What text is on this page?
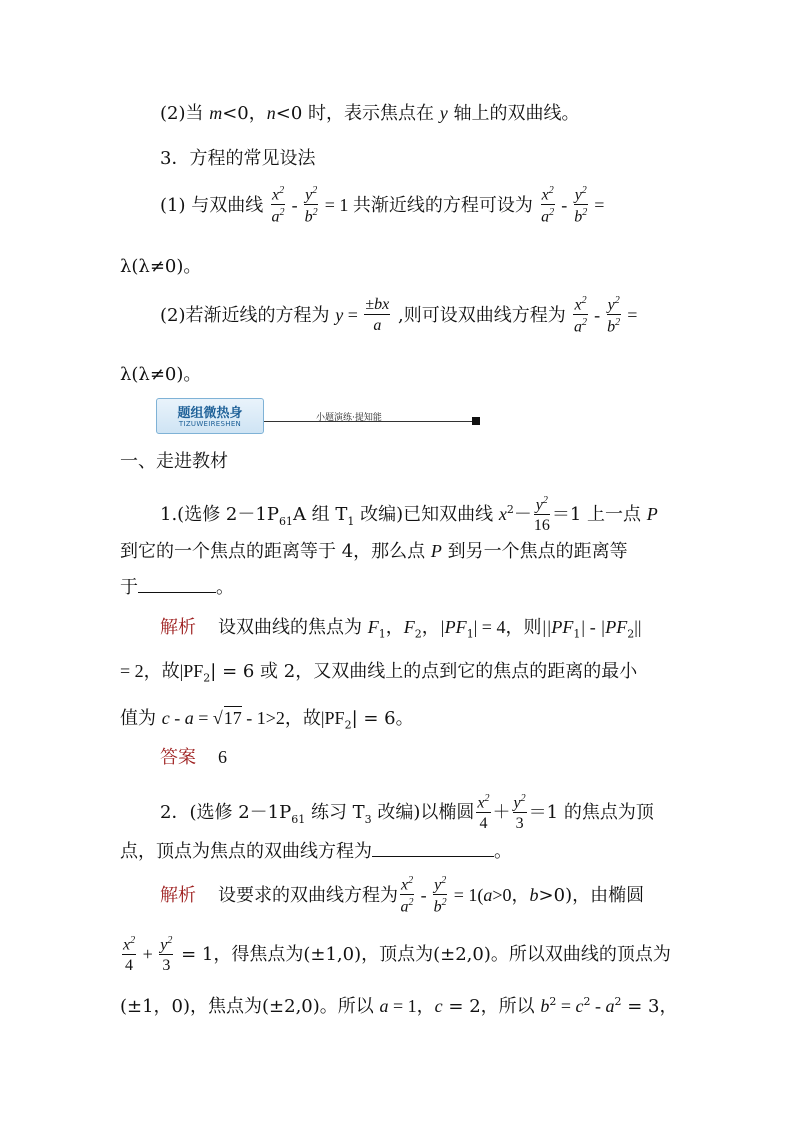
(2)当 m<0，n<0 时，表示焦点在 y 轴上的双曲线。
3．方程的常见设法
(1) 与双曲线 $\frac{x^2}{a^2} - \frac{y^2}{b^2} = 1$ 共渐近线的方程可设为 $\frac{x^2}{a^2} - \frac{y^2}{b^2}$ =
λ(λ≠0)。
(2)若渐近线的方程为 $y = \frac{\pm bx}{a}$ ,则可设双曲线方程为 $\frac{x^2}{a^2} - \frac{y^2}{b^2}$ =
λ(λ≠0)。
题组微热身
TIZUWEIRESHEN
小题演练·提知能
一、走进教材
1.(选修 $2-1P_{61}A$ 组 $T_1$ 改编)已知双曲线 $x^2- \frac{y^2}{16} =1$ 上一点 P
到它的一个焦点的距离等于 4，那么点 P 到另一个焦点的距离等
于	。
解析 设双曲线的焦点为 $F_1$，$F_2$，$|PF_1| = 4$，则$||PF_1| - |PF_2||$
= 2，故$|PF_2| = 6$ 或 2，又双曲线上的点到它的焦点的距离的最小
值为 c - a = √17 - 1>2，故$|PF_2| = 6$。
答案 6
2．(选修 $2-1P_{61}$ 练习 $T_3$ 改编)以椭圆 $\frac{x^2}{4} + \frac{y^2}{3} =1$ 的焦点为顶
点，顶点为焦点的双曲线方程为	。
解析 设要求的双曲线方程为 $\frac{x^2}{a^2} - \frac{y^2}{b^2} = 1(a>0$，b>0)，由椭圆
$\frac{x^2}{4} + \frac{y^2}{3} = 1$，得焦点为(±1,0)，顶点为(±2,0)。所以双曲线的顶点为
(±1，0)，焦点为(±2,0)。所以 a = 1，c = 2，所以 $b^2 = c^2 - a^2 = 3$，
